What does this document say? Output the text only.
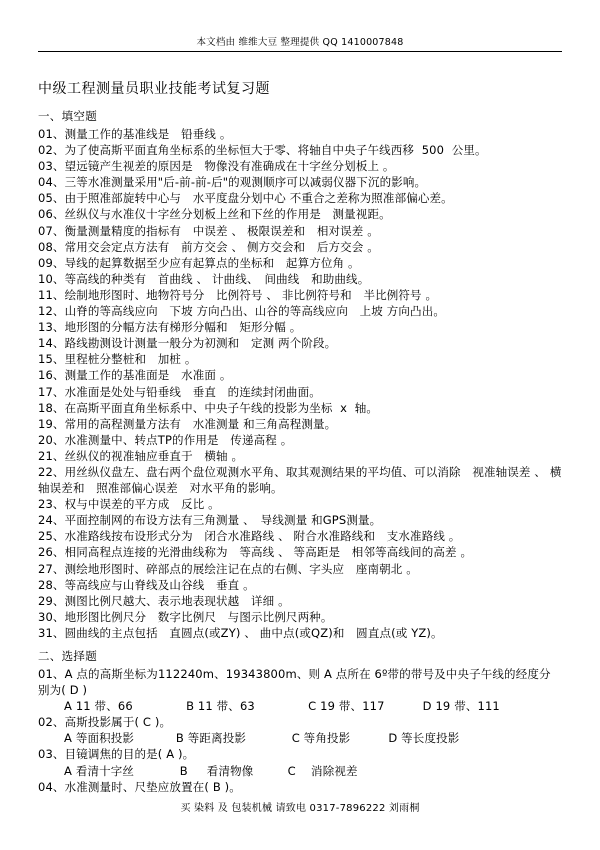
本文档由 维维大豆 整理提供 QQ 1410007848
中级工程测量员职业技能考试复习题
一、填空题
01、测量工作的基准线是　铅垂线 。
02、为了使高斯平面直角坐标系的坐标恒大于零、将轴自中央子午线西移  500  公里。
03、望远镜产生视差的原因是　物像没有准确成在十字丝分划板上 。
04、三等水准测量采用"后-前-前-后"的观测顺序可以减弱仪器下沉的影响。
05、由于照准部旋转中心与　水平度盘分划中心 不重合之差称为照准部偏心差。
06、丝纵仪与水准仪十字丝分划板上丝和下丝的作用是　测量视距。
07、衡量测量精度的指标有　中误差 、 极限误差和　相对误差 。
08、常用交会定点方法有　前方交会 、 侧方交会和　后方交会 。
09、导线的起算数据至少应有起算点的坐标和　起算方位角 。
10、等高线的种类有　首曲线 、 计曲线、　间曲线　和助曲线。
11、绘制地形图时、地物符号分　比例符号 、 非比例符号和　半比例符号 。
12、山脊的等高线应向　下坡 方向凸出、山谷的等高线应向　上坡 方向凸出。
13、地形图的分幅方法有梯形分幅和　矩形分幅 。
14、路线勘测设计测量一般分为初测和　定测 两个阶段。
15、里程桩分整桩和　加桩 。
16、测量工作的基准面是　水准面 。
17、水准面是处处与铅垂线　垂直　的连续封闭曲面。
18、在高斯平面直角坐标系中、中央子午线的投影为坐标  x  轴。
19、常用的高程测量方法有　水准测量 和三角高程测量。
20、水准测量中、转点TP的作用是　传递高程 。
21、丝纵仪的视准轴应垂直于　横轴 。
22、用丝纵仪盘左、盘右两个盘位观测水平角、取其观测结果的平均值、可以消除　视准轴误差 、 横轴误差和　照准部偏心误差　对水平角的影响。
23、权与中误差的平方成　反比 。
24、平面控制网的布设方法有三角测量 、　导线测量 和GPS测量。
25、水准路线按布设形式分为　闭合水准路线 、 附合水准路线和　支水准路线 。
26、相同高程点连接的光滑曲线称为　等高线 、 等高距是　相邻等高线间的高差 。
27、测绘地形图时、碎部点的展绘注记在点的右侧、字头应　座南朝北 。
28、等高线应与山脊线及山谷线　垂直 。
29、测图比例尺越大、表示地表现状越　详细 。
30、地形图比例尺分　数字比例尺　与图示比例尺两种。
31、圆曲线的主点包括　直圆点(或ZY) 、 曲中点(或QZ)和　圆直点(或 YZ)。
二、选择题
01、A 点的高斯坐标为112240m、19343800m、则 A 点所在 6º带的带号及中央子午线的经度分别为( D )
A 11 带、66              B 11 带、63              C 19 带、117          D 19 带、111
02、高斯投影属于( C )。
A 等面积投影           B 等距离投影            C 等角投影          D 等长度投影
03、目镜调焦的目的是( A )。
A 看清十字丝            B     看清物像         C    消除视差
04、水准测量时、尺垫应放置在( B )。
买 染料 及 包装机械 请致电 0317-7896222 刘雨桐
